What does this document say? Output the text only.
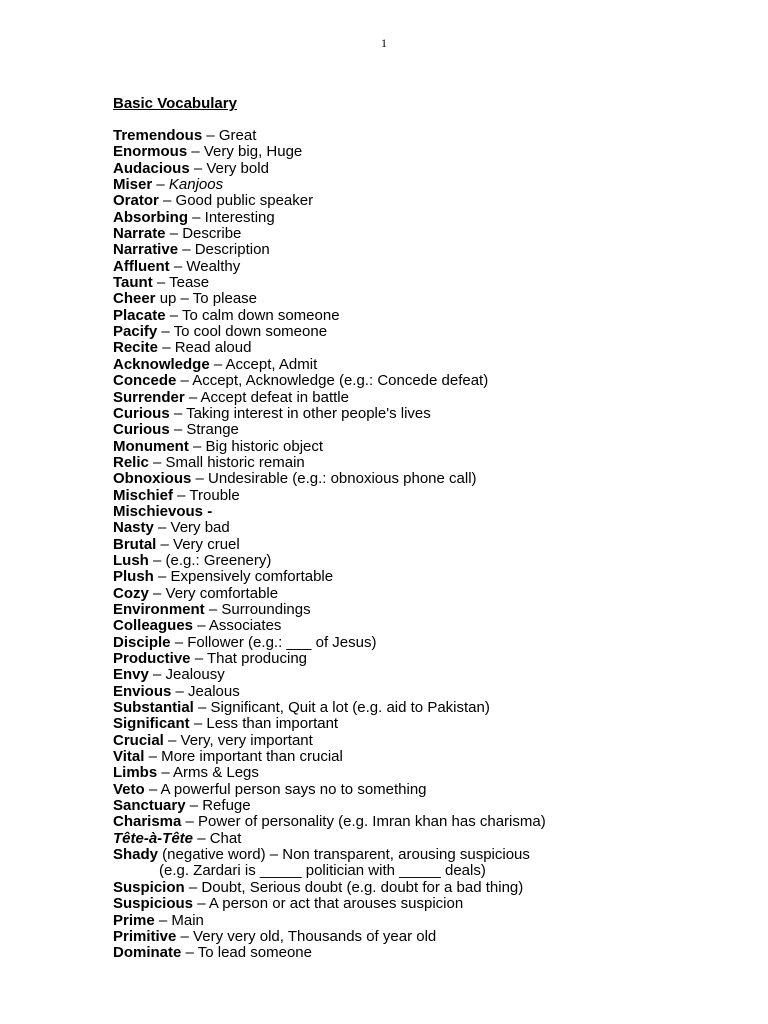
1
Basic Vocabulary
Tremendous – Great
Enormous – Very big, Huge
Audacious – Very bold
Miser – Kanjoos
Orator – Good public speaker
Absorbing – Interesting
Narrate – Describe
Narrative – Description
Affluent – Wealthy
Taunt – Tease
Cheer up – To please
Placate – To calm down someone
Pacify – To cool down someone
Recite – Read aloud
Acknowledge – Accept, Admit
Concede – Accept, Acknowledge (e.g.: Concede defeat)
Surrender – Accept defeat in battle
Curious – Taking interest in other people's lives
Curious – Strange
Monument – Big historic object
Relic – Small historic remain
Obnoxious – Undesirable (e.g.: obnoxious phone call)
Mischief – Trouble
Mischievous -
Nasty – Very bad
Brutal – Very cruel
Lush – (e.g.: Greenery)
Plush – Expensively comfortable
Cozy – Very comfortable
Environment – Surroundings
Colleagues – Associates
Disciple – Follower (e.g.: ___ of Jesus)
Productive – That producing
Envy – Jealousy
Envious – Jealous
Substantial – Significant, Quit a lot (e.g. aid to Pakistan)
Significant – Less than important
Crucial – Very, very important
Vital – More important than crucial
Limbs – Arms & Legs
Veto – A powerful person says no to something
Sanctuary – Refuge
Charisma – Power of personality (e.g. Imran khan has charisma)
Tête-à-Tête – Chat
Shady (negative word) – Non transparent, arousing suspicious
(e.g. Zardari is _____ politician with _____ deals)
Suspicion – Doubt, Serious doubt (e.g. doubt for a bad thing)
Suspicious – A person or act that arouses suspicion
Prime – Main
Primitive – Very very old, Thousands of year old
Dominate – To lead someone
